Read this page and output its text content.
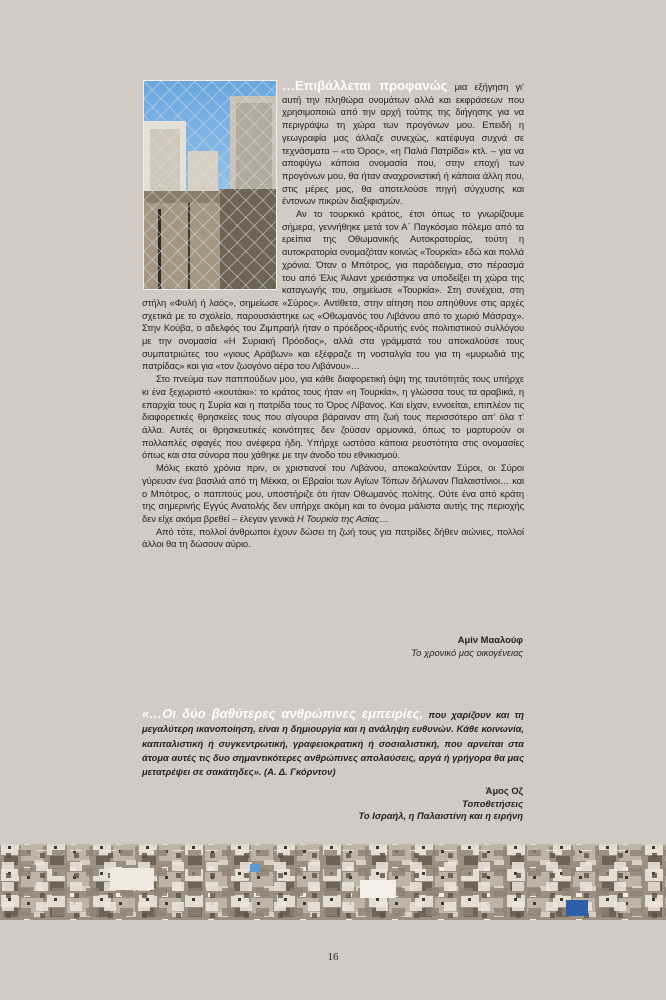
…Επιβάλλεται προφανώς μια εξήγηση γι’ αυτή την πληθώρα ονομάτων αλλά και εκφράσεων που χρησιμοποιώ από την αρχή τούτης της διήγησης για να περιγράψω τη χώρα των προγόνων μου. Επειδή η γεωγραφία μας άλλαζε συνεχώς, κατέφυγα συχνά σε τεχνάσματα – «το Όρος», «η Παλιά Πατρίδα» κτλ. – για να αποφύγω κάποια ονομασία που, στην εποχή των προγόνων μου, θα ήταν αναχρονιστική ή κάποια άλλη που, στις μέρες μας, θα αποτελούσε πηγή σύγχυσης και έντονων πικρών διαξιφισμών.

Αν το τουρκικό κράτος, έτσι όπως το γνωρίζουμε σήμερα, γεννήθηκε μετά τον Α΄ Παγκόσμιο πόλεμο από τα ερείπια της Οθωμανικής Αυτοκρατορίας, τούτη η αυτοκρατορία ονομαζόταν κοινώς «Τουρκία» εδώ και πολλά χρόνια. Όταν ο Μπότρος, για παράδειγμα, στο πέρασμά του από Έλις Άιλαντ χρειάστηκε να υποδείξει τη χώρα της καταγωγής του, σημείωσε «Τουρκία». Στη συνέχεια, στη στήλη «Φυλή ή λαός», σημείωσε «Σύρος». Αντίθετα, στην αίτηση που απηύθυνε στις αρχές σχετικά με το σχολείο, παρουσιάστηκε ως «Οθωμανός του Λιβάνου από το χωριό Μάσραχ». Στην Κούβα, ο αδελφός του Ζιμπραήλ ήταν ο πρόεδρος-ιδρυτής ενός πολιτιστικού συλλόγου με την ονομασία «Η Συριακή Πρόοδος», αλλά στα γράμματά του αποκαλούσε τους συμπατριώτες του «γιους Αράβων» και εξέφραζε τη νοσταλγία του για τη «μυρωδιά της πατρίδας» και για «τον ζωογόνο αέρα του Λιβάνου»…

Στο πνεύμα των παππούδων μου, για κάθε διαφορετική όψη της ταυτότητάς τους υπήρχε κι ένα ξεχωριστό «κουτάκι»: το κράτος τους ήταν «η Τουρκία», η γλώσσα τους τα αραβικά, η επαρχία τους η Συρία και η πατρίδα τους το Όρος Λίβανος. Και είχαν, εννοείται, επιπλέον τις διαφορετικές θρησκείες τους που σίγουρα βάραιναν στη ζωή τους περισσότερο απ’ όλα τ’ άλλα. Αυτές οι θρησκευτικές κοινότητες δεν ζούσαν αρμονικά, όπως το μαρτυρούν οι πολλαπλές σφαγές που ανέφερα ήδη. Υπήρχε ωστόσο κάποια ρευστότητα στις ονομασίες όπως και στα σύνορα που χάθηκε με την άνοδο του εθνικισμού.

Μόλις εκατό χρόνια πριν, οι χριστιανοί του Λιβάνου, αποκαλούνταν Σύροι, οι Σύροι γύρευαν ένα βασιλιά από τη Μέκκα, οι Εβραίοι των Αγίων Τόπων δήλωναν Παλαιστίνιοι… και ο Μπότρος, ο παππούς μου, υποστήριζε ότι ήταν Οθωμανός πολίτης. Ούτε ένα από κράτη της σημερινής Εγγύς Ανατολής δεν υπήρχε ακόμη και το όνομα μάλιστα αυτής της περιοχής δεν είχε ακόμα βρεθεί – έλεγαν γενικά Η Τουρκία της Ασίας…

Από τότε, πολλοί άνθρωποι έχουν δώσει τη ζωή τους για πατρίδες δήθεν αιώνιες, πολλοί άλλοι θα τη δώσουν αύριο.

Αμίν Μααλούφ
Το χρονικό μας οικογένειας
«…Οι δύο βαθύτερες ανθρώπινες εμπειρίες, που χαρίζουν και τη μεγαλύτερη ικανοποίηση, είναι η δημιουργία και η ανάληψη ευθυνών. Κάθε κοινωνία, καπιταλιστική ή συγκεντρωτική, γραφειοκρατική ή σοσιαλιστική, που αρνείται στα άτομα αυτές τις δυο σημαντικότερες ανθρώπινες απολαύσεις, αργά ή γρήγορα θα μας μετατρέψει σε σακάτηδες». (Α. Δ. Γκόρντον)
Άμος Οζ
Τοποθετήσεις
Το Ισραήλ, η Παλαιστίνη και η ειρήνη
16
